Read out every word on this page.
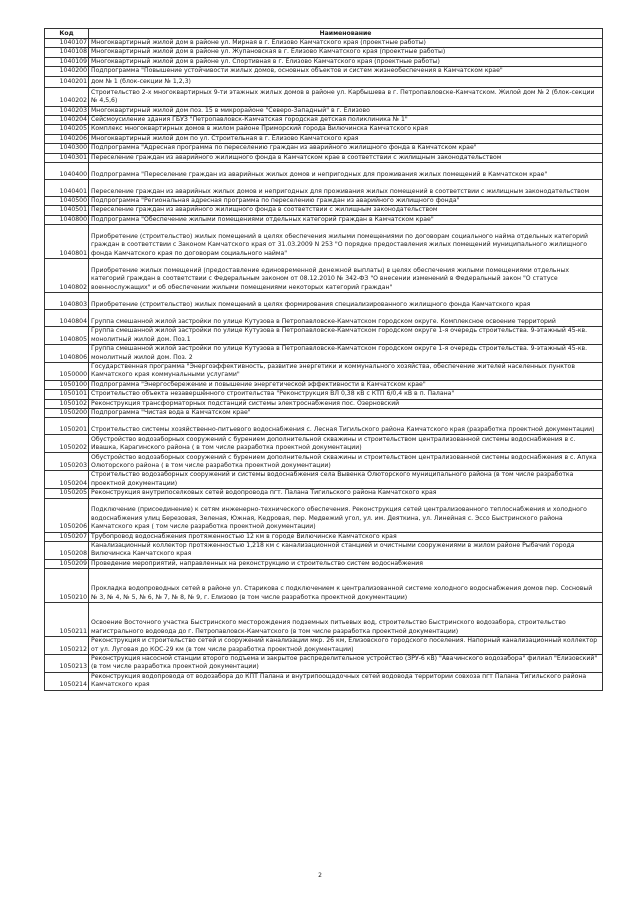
Код	Наименование
1040107	Многоквартирный жилой дом в районе ул. Мирная в г. Елизово Камчатского края (проектные работы)
1040108	Многоквартирный жилой дом в районе ул. Жупановская в г. Елизово Камчатского края (проектные работы)
1040109	Многоквартирный жилой дом в районе ул. Спортивная в г. Елизово Камчатского края (проектные работы)
1040200	Подпрограмма "Повышение устойчивости жилых домов, основных объектов и систем жизнеобеспечения в Камчатском крае"
1040201	дом № 1 (блок-секции № 1,2,3)
1040202	Строительство 2-х многоквартирных 9-ти этажных жилых домов в районе ул. Карбышева в г. Петропавловске-Камчатском. Жилой дом № 2 (блок-секции № 4,5,6)
1040203	Многоквартирный жилой дом поз. 15 в микрорайоне "Северо-Западный" в г. Елизово
1040204	Сейсмоусиление здания ГБУЗ "Петропавловск-Камчатская городская детская поликлиника № 1"
1040205	Комплекс многоквартирных домов в жилом районе Приморский города Вилючинска Камчатского края
1040206	Многоквартирный жилой дом по ул. Строительная в г. Елизово Камчатского края
1040300	Подпрограмма "Адресная программа по переселению граждан из аварийного жилищного фонда в Камчатском крае"
1040301	Переселение граждан из аварийного жилищного фонда в Камчатском крае в соответствии с жилищным законодательством
1040400	Подпрограмма "Переселение граждан из аварийных жилых домов и непригодных для проживания жилых помещений в Камчатском крае"
1040401	Переселение граждан из аварийных жилых домов и непригодных для проживания жилых помещений в соответствии с жилищным законодательством
1040500	Подпрограмма "Региональная адресная программа по переселению граждан из аварийного жилищного фонда"
1040501	Переселение граждан из аварийного жилищного фонда в соответствии с жилищным законодательством
1040800	Подпрограмма "Обеспечение жилыми помещениями отдельных категорий граждан в Камчатском крае"
1040801	Приобретение (строительство) жилых помещений в целях обеспечения жилыми помещениями по договорам социального найма отдельных категорий граждан в соответствии с Законом Камчатского края от 31.03.2009 N 253 "О порядке предоставления жилых помещений муниципального жилищного фонда Камчатского края по договорам социального найма"
1040802	Приобретение жилых помещений (предоставление единовременной денежной выплаты) в целях обеспечения жилыми помещениями отдельных категорий граждан в соответствии с Федеральным законом от 08.12.2010 № 342-ФЗ "О внесении изменений в Федеральный закон "О статусе военнослужащих" и об обеспечении жилыми помещениями некоторых категорий граждан"
1040803	Приобретение (строительство) жилых помещений в целях формирования специализированного жилищного фонда Камчатского края
1040804	Группа смешанной жилой застройки по улице Кутузова в Петропавловске-Камчатском городском округе. Комплексное освоение территорий
1040805	Группа смешанной жилой застройки по улице Кутузова в Петропавловске-Камчатском городском округе 1-я очередь строительства. 9-этажный 45-кв. монолитный жилой дом. Поз.1
1040806	Группа смешанной жилой застройки по улице Кутузова в Петропавловске-Камчатском городском округе 1-я очередь строительства. 9-этажный 45-кв. монолитный жилой дом. Поз. 2
1050000	Государственная программа "Энергоэффективность, развитие энергетики и коммунального хозяйства, обеспечение жителей населенных пунктов Камчатского края коммунальными услугами"
1050100	Подпрограмма "Энергосбережение и повышение энергетической эффективности в Камчатском крае"
1050101	Строительство объекта незавершённого строительства "Реконструкция ВЛ 0,38 кВ с КТП 6/0,4 кВ в п. Палана"
1050102	Реконструкция трансформаторных подстанций системы электроснабжения пос. Озерновский
1050200	Подпрограмма "Чистая вода в Камчатском крае"
1050201	Строительство системы хозяйственно-питьевого водоснабжения с. Лесная Тигильского района Камчатского края (разработка проектной документации)
1050202	Обустройство водозаборных сооружений с бурением дополнительной скважины и строительством централизованной системы водоснабжения в с. Ивашка, Карагинского района ( в том числе разработка проектной документации)
1050203	Обустройство водозаборных сооружений с бурением дополнительной скважины и строительством централизованной системы водоснабжения в с. Апука Олюторского района ( в том числе разработка проектной документации)
1050204	Строительство водозаборных сооружений и системы водоснабжения села Вывенка Олюторского муниципального района (в том числе разработка проектной документации)
1050205	Реконструкция внутрипоселковых сетей водопровода пгт. Палана Тигильского района Камчатского края
1050206	Подключение (присоединение) к сетям инженерно-технического обеспечения. Реконструкция сетей централизованного теплоснабжения и холодного водоснабжения улиц Березовая, Зеленая, Южная, Кедровая, пер. Медвежий угол, ул. им. Деяткина, ул. Линейная с. Эссо Быстринского района Камчатского края ( том числе разработка проектной документации)
1050207	Трубопровод водоснабжения протяженностью 12 км в городе Вилючинске Камчатского края
1050208	Канализационный коллектор протяженностью 1,218 км с канализационной станцией и очистными сооружениями в жилом районе Рыбачий города Вилючинска Камчатского края
1050209	Проведение мероприятий, направленных на реконструкцию и строительство систем водоснабжения
1050210	Прокладка водопроводных сетей в районе ул. Старикова с подключением к централизованной системе холодного водоснабжения домов пер. Сосновый № 3, № 4, № 5, № 6, № 7, № 8, № 9, г. Елизово (в том числе разработка проектной документации)
1050211	Освоение Восточного участка Быстринского месторождения подземных питьевых вод, строительство Быстринского водозабора, строительство магистрального водовода до г. Петропавловск-Камчатского (в том числе разработка проектной документации)
1050212	Реконструкция и строительство сетей и сооружений канализации мкр. 26 км, Елизовского городского поселения. Напорный канализационный коллектор от ул. Луговая до КОС-29 км (в том числе разработка проектной документации)
1050213	Реконструкция насосной станции второго подъема и закрытое распределительное устройство (ЗРУ-6 кВ) "Авачинского водозабора" филиал "Елизовский" (в том числе разработка проектной документации)
1050214	Реконструкция водопровода от водозабора до КПТ Палана и внутрипоощадочных сетей водовода территории совхоза пгт Палана Тигильского района Камчатского края
2
